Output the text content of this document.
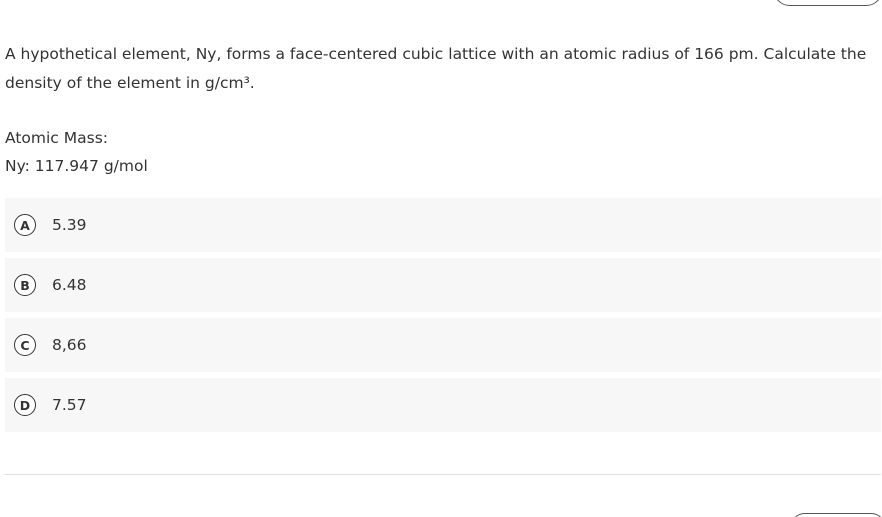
A hypothetical element, Ny, forms a face-centered cubic lattice with an atomic radius of 166 pm. Calculate the density of the element in g/cm³.

Atomic Mass:

Ny: 117.947 g/mol

A	5.39
B	6.48
C	8,66
D	7.57
